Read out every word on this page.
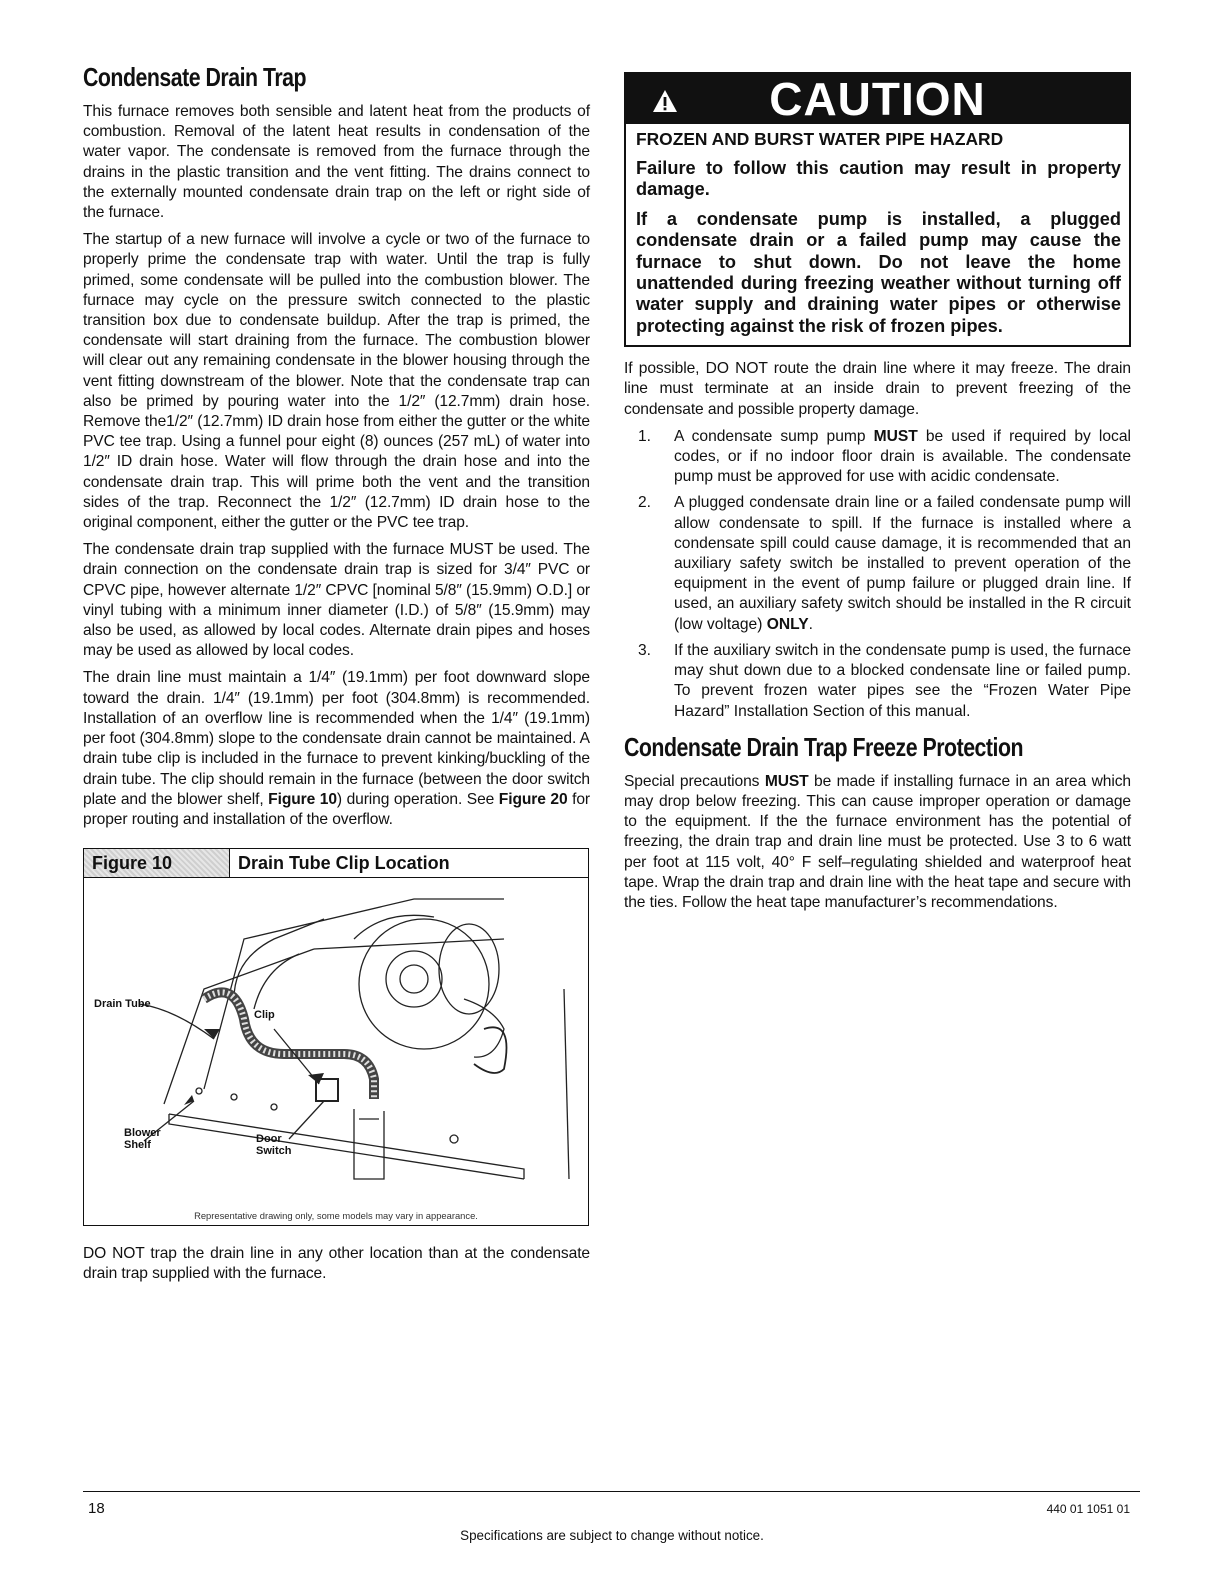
Condensate Drain Trap

This furnace removes both sensible and latent heat from the products of combustion. Removal of the latent heat results in condensation of the water vapor. The condensate is removed from the furnace through the drains in the plastic transition and the vent fitting. The drains connect to the externally mounted condensate drain trap on the left or right side of the furnace.

The startup of a new furnace will involve a cycle or two of the furnace to properly prime the condensate trap with water. Until the trap is fully primed, some condensate will be pulled into the combustion blower. The furnace may cycle on the pressure switch connected to the plastic transition box due to condensate buildup. After the trap is primed, the condensate will start draining from the furnace. The combustion blower will clear out any remaining condensate in the blower housing through the vent fitting downstream of the blower. Note that the condensate trap can also be primed by pouring water into the 1/2″ (12.7mm) drain hose. Remove the1/2″ (12.7mm) ID drain hose from either the gutter or the white PVC tee trap. Using a funnel pour eight (8) ounces (257 mL) of water into 1/2″ ID drain hose. Water will flow through the drain hose and into the condensate drain trap. This will prime both the vent and the transition sides of the trap. Reconnect the 1/2″ (12.7mm) ID drain hose to the original component, either the gutter or the PVC tee trap.

The condensate drain trap supplied with the furnace MUST be used. The drain connection on the condensate drain trap is sized for 3/4″ PVC or CPVC pipe, however alternate 1/2″ CPVC [nominal 5/8″ (15.9mm) O.D.] or vinyl tubing with a minimum inner diameter (I.D.) of 5/8″ (15.9mm) may also be used, as allowed by local codes. Alternate drain pipes and hoses may be used as allowed by local codes.

The drain line must maintain a 1/4″ (19.1mm) per foot downward slope toward the drain. 1/4″ (19.1mm) per foot (304.8mm) is recommended. Installation of an overflow line is recommended when the 1/4″ (19.1mm) per foot (304.8mm) slope to the condensate drain cannot be maintained. A drain tube clip is included in the furnace to prevent kinking/buckling of the drain tube. The clip should remain in the furnace (between the door switch plate and the blower shelf, Figure 10) during operation. See Figure 20 for proper routing and installation of the overflow.

Figure 10	Drain Tube Clip Location
Drain Tube
Clip
Blower
Shelf	Door
Switch
Representative drawing only, some models may vary in appearance.

DO NOT trap the drain line in any other location than at the condensate drain trap supplied with the furnace.

CAUTION

FROZEN AND BURST WATER PIPE HAZARD

Failure to follow this caution may result in property damage.

If a condensate pump is installed, a plugged condensate drain or a failed pump may cause the furnace to shut down. Do not leave the home unattended during freezing weather without turning off water supply and draining water pipes or otherwise protecting against the risk of frozen pipes.

If possible, DO NOT route the drain line where it may freeze. The drain line must terminate at an inside drain to prevent freezing of the condensate and possible property damage.

1.	A condensate sump pump MUST be used if required by local codes, or if no indoor floor drain is available. The condensate pump must be approved for use with acidic condensate.
2.	A plugged condensate drain line or a failed condensate pump will allow condensate to spill. If the furnace is installed where a condensate spill could cause damage, it is recommended that an auxiliary safety switch be installed to prevent operation of the equipment in the event of pump failure or plugged drain line. If used, an auxiliary safety switch should be installed in the R circuit (low voltage) ONLY.
3.	If the auxiliary switch in the condensate pump is used, the furnace may shut down due to a blocked condensate line or failed pump. To prevent frozen water pipes see the “Frozen Water Pipe Hazard” Installation Section of this manual.
Condensate Drain Trap Freeze Protection

Special precautions MUST be made if installing furnace in an area which may drop below freezing. This can cause improper operation or damage to the equipment. If the the furnace environment has the potential of freezing, the drain trap and drain line must be protected. Use 3 to 6 watt per foot at 115 volt, 40° F self–regulating shielded and waterproof heat tape. Wrap the drain trap and drain line with the heat tape and secure with the ties. Follow the heat tape manufacturer’s recommendations.

18	440 01 1051 01
Specifications are subject to change without notice.
